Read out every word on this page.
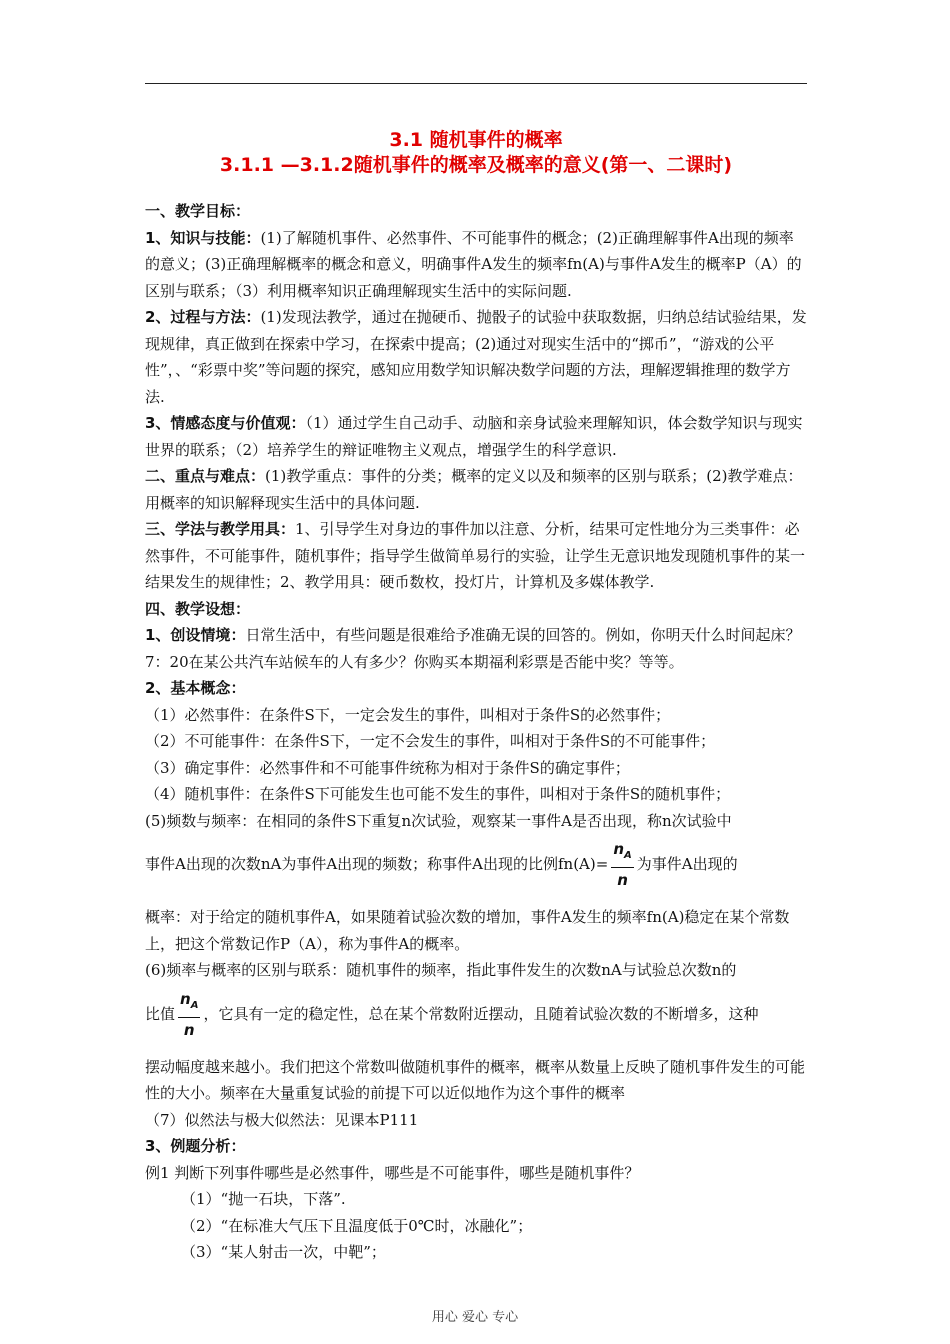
3.1 随机事件的概率
3.1.1 —3.1.2随机事件的概率及概率的意义(第一、二课时)

一、教学目标：

1、知识与技能：(1)了解随机事件、必然事件、不可能事件的概念；(2)正确理解事件A出现的频率的意义；(3)正确理解概率的概念和意义，明确事件A发生的频率fn(A)与事件A发生的概率P（A）的区别与联系；（3）利用概率知识正确理解现实生活中的实际问题.

2、过程与方法：(1)发现法教学，通过在抛硬币、抛骰子的试验中获取数据，归纳总结试验结果，发现规律，真正做到在探索中学习，在探索中提高；(2)通过对现实生活中的“掷币”，“游戏的公平性”，、“彩票中奖”等问题的探究，感知应用数学知识解决数学问题的方法，理解逻辑推理的数学方法.

3、情感态度与价值观：（1）通过学生自己动手、动脑和亲身试验来理解知识，体会数学知识与现实世界的联系；（2）培养学生的辩证唯物主义观点，增强学生的科学意识.

二、重点与难点：(1)教学重点：事件的分类；概率的定义以及和频率的区别与联系；(2)教学难点：用概率的知识解释现实生活中的具体问题.

三、学法与教学用具：1、引导学生对身边的事件加以注意、分析，结果可定性地分为三类事件：必然事件，不可能事件，随机事件；指导学生做简单易行的实验，让学生无意识地发现随机事件的某一结果发生的规律性；2、教学用具：硬币数枚，投灯片，计算机及多媒体教学.

四、教学设想：

1、创设情境：日常生活中，有些问题是很难给予准确无误的回答的。例如，你明天什么时间起床？7：20在某公共汽车站候车的人有多少？你购买本期福利彩票是否能中奖？等等。

2、基本概念：

（1）必然事件：在条件S下，一定会发生的事件，叫相对于条件S的必然事件；

（2）不可能事件：在条件S下，一定不会发生的事件，叫相对于条件S的不可能事件；

（3）确定事件：必然事件和不可能事件统称为相对于条件S的确定事件；

（4）随机事件：在条件S下可能发生也可能不发生的事件，叫相对于条件S的随机事件；

(5)频数与频率：在相同的条件S下重复n次试验，观察某一事件A是否出现，称n次试验中

事件A出现的次数nA为事件A出现的频数；称事件A出现的比例$fn(A)= \frac{n_A}{n}$ 为事件A出现的

概率：对于给定的随机事件A，如果随着试验次数的增加，事件A发生的频率fn(A)稳定在某个常数上，把这个常数记作P（A），称为事件A的概率。

(6)频率与概率的区别与联系：随机事件的频率，指此事件发生的次数nA与试验总次数n的

比值 $\frac{n_A}{n}$ ，它具有一定的稳定性，总在某个常数附近摆动，且随着试验次数的不断增多，这种

摆动幅度越来越小。我们把这个常数叫做随机事件的概率，概率从数量上反映了随机事件发生的可能性的大小。频率在大量重复试验的前提下可以近似地作为这个事件的概率

（7）似然法与极大似然法：见课本P111

3、例题分析：

例1 判断下列事件哪些是必然事件，哪些是不可能事件，哪些是随机事件？

（1）“抛一石块，下落”.

（2）“在标准大气压下且温度低于0℃时，冰融化”；

（3）“某人射击一次，中靶”；

用心 爱心 专心
